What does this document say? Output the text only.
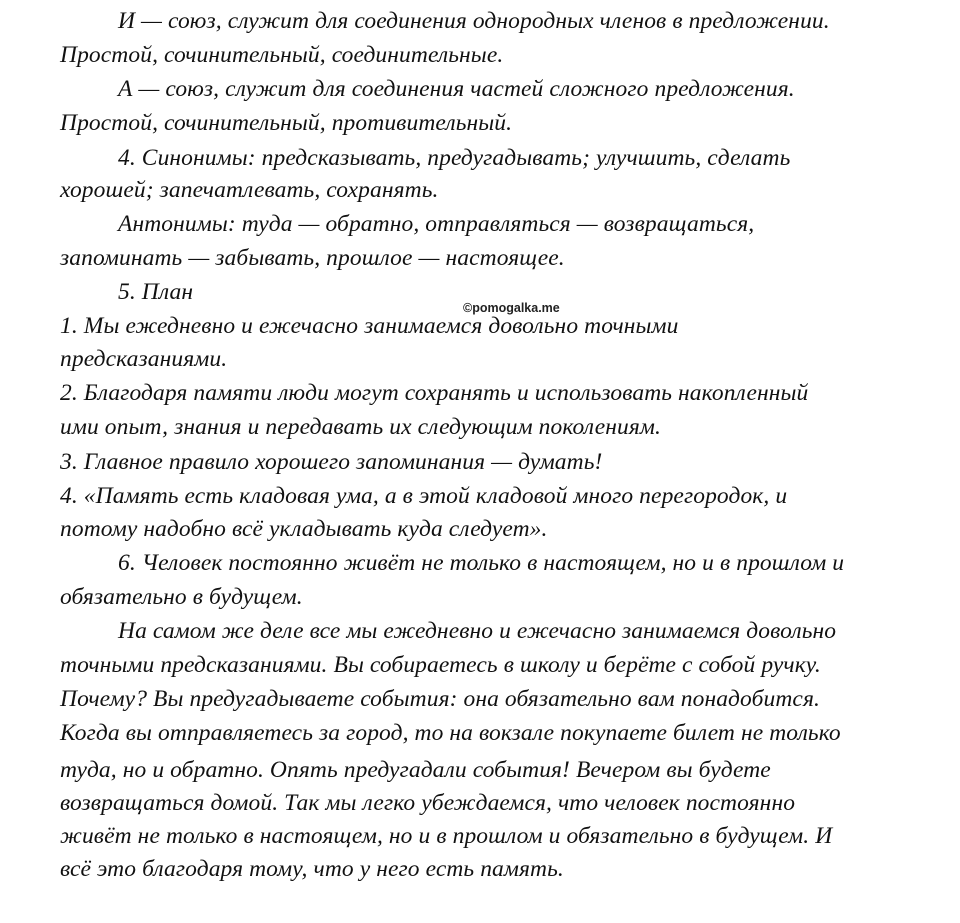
И — союз, служит для соединения однородных членов в предложении.
Простой, сочинительный, соединительные.
А — союз, служит для соединения частей сложного предложения.
Простой, сочинительный, противительный.
4. Синонимы: предсказывать, предугадывать; улучшить, сделать
хорошей; запечатлевать, сохранять.
Антонимы: туда — обратно, отправляться — возвращаться,
запоминать — забывать, прошлое — настоящее.
5. План
©pomogalka.me
1. Мы ежедневно и ежечасно занимаемся довольно точными
предсказаниями.
2. Благодаря памяти люди могут сохранять и использовать накопленный
ими опыт, знания и передавать их следующим поколениям.
3. Главное правило хорошего запоминания — думать!
4. «Память есть кладовая ума, а в этой кладовой много перегородок, и
потому надобно всё укладывать куда следует».
6. Человек постоянно живёт не только в настоящем, но и в прошлом и
обязательно в будущем.
На самом же деле все мы ежедневно и ежечасно занимаемся довольно
точными предсказаниями. Вы собираетесь в школу и берёте с собой ручку.
Почему? Вы предугадываете события: она обязательно вам понадобится.
Когда вы отправляетесь за город, то на вокзале покупаете билет не только
туда, но и обратно. Опять предугадали события! Вечером вы будете
возвращаться домой. Так мы легко убеждаемся, что человек постоянно
живёт не только в настоящем, но и в прошлом и обязательно в будущем. И
всё это благодаря тому, что у него есть память.
